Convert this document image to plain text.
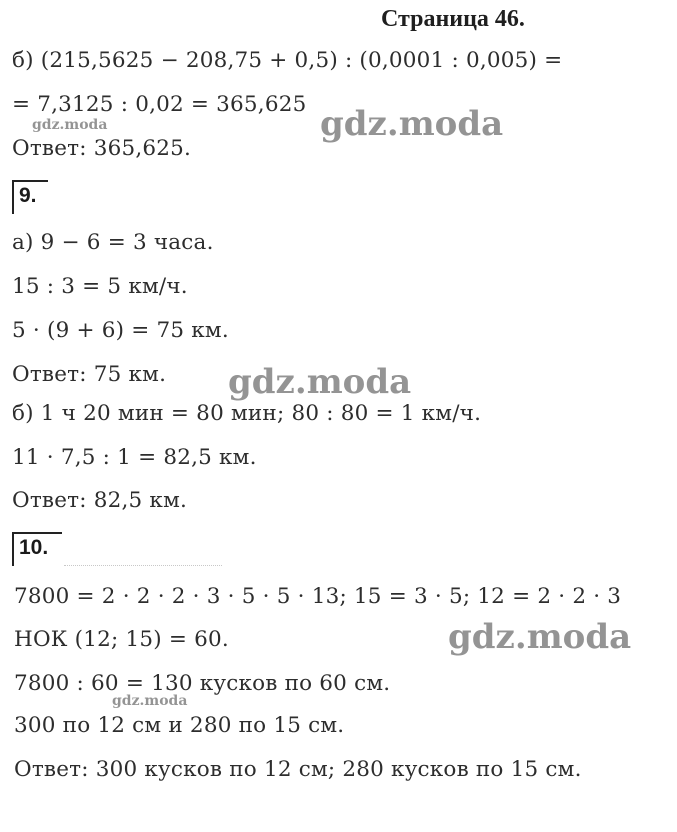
Страница 46.
б) (215,5625 − 208,75 + 0,5) : (0,0001 : 0,005) =
= 7,3125 : 0,02 = 365,625
Ответ: 365,625.
9.
а) 9 − 6 = 3 часа.
15 : 3 = 5 км/ч.
5 · (9 + 6) = 75 км.
Ответ: 75 км.
б) 1 ч 20 мин = 80 мин; 80 : 80 = 1 км/ч.
11 · 7,5 : 1 = 82,5 км.
Ответ: 82,5 км.
10.
7800 = 2 · 2 · 2 · 3 · 5 · 5 · 13; 15 = 3 · 5; 12 = 2 · 2 · 3
НОК (12; 15) = 60.
7800 : 60 = 130 кусков по 60 см.
300 по 12 см и 280 по 15 см.
Ответ: 300 кусков по 12 см; 280 кусков по 15 см.
gdz.moda
gdz.moda
gdz.moda
gdz.moda
gdz.moda
